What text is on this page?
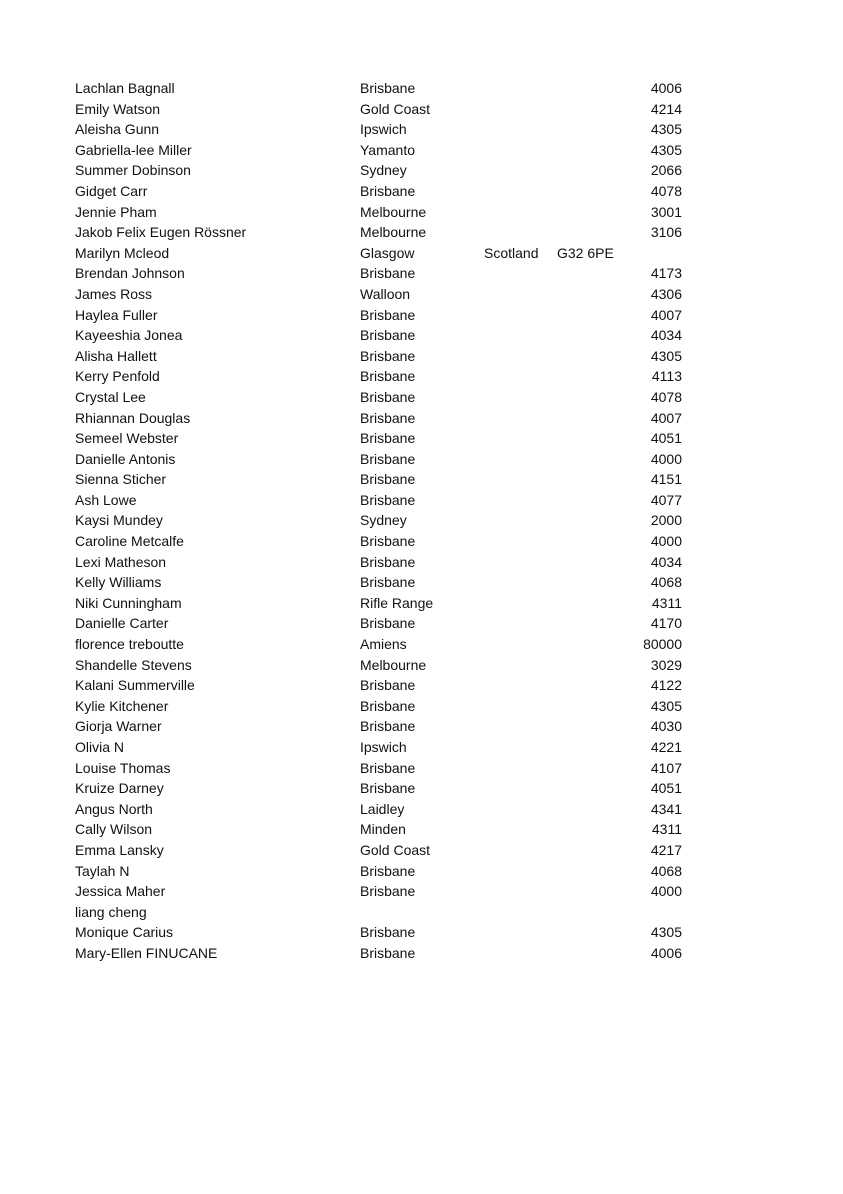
Lachlan Bagnall	Brisbane	4006
Emily Watson	Gold Coast	4214
Aleisha Gunn	Ipswich	4305
Gabriella-lee Miller	Yamanto	4305
Summer Dobinson	Sydney	2066
Gidget Carr	Brisbane	4078
Jennie Pham	Melbourne	3001
Jakob Felix Eugen Rössner	Melbourne	3106
Marilyn Mcleod	Glasgow	Scotland G32 6PE
Brendan Johnson	Brisbane	4173
James Ross	Walloon	4306
Haylea Fuller	Brisbane	4007
Kayeeshia Jonea	Brisbane	4034
Alisha Hallett	Brisbane	4305
Kerry Penfold	Brisbane	4113
Crystal Lee	Brisbane	4078
Rhiannan Douglas	Brisbane	4007
Semeel Webster	Brisbane	4051
Danielle Antonis	Brisbane	4000
Sienna Sticher	Brisbane	4151
Ash Lowe	Brisbane	4077
Kaysi Mundey	Sydney	2000
Caroline Metcalfe	Brisbane	4000
Lexi Matheson	Brisbane	4034
Kelly Williams	Brisbane	4068
Niki Cunningham	Rifle Range	4311
Danielle Carter	Brisbane	4170
florence treboutte	Amiens	80000
Shandelle Stevens	Melbourne	3029
Kalani Summerville	Brisbane	4122
Kylie Kitchener	Brisbane	4305
Giorja Warner	Brisbane	4030
Olivia N	Ipswich	4221
Louise Thomas	Brisbane	4107
Kruize Darney	Brisbane	4051
Angus North	Laidley	4341
Cally Wilson	Minden	4311
Emma Lansky	Gold Coast	4217
Taylah N	Brisbane	4068
Jessica Maher	Brisbane	4000
liang cheng
Monique Carius	Brisbane	4305
Mary-Ellen FINUCANE	Brisbane	4006
